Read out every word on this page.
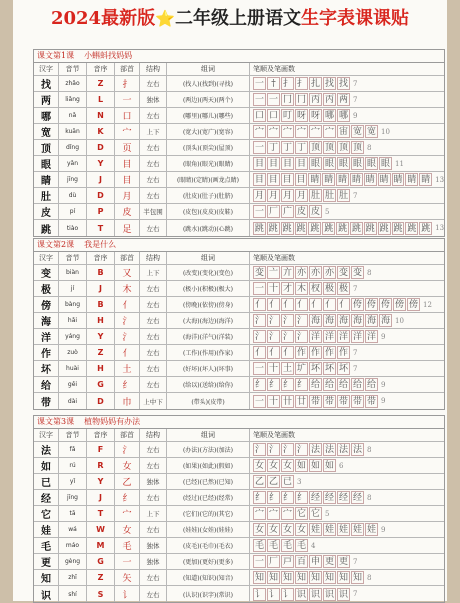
2024最新版⭐二年级上册语文生字表课课贴
课文第1课 小蝌蚪找妈妈
汉字	音节	音序	部首	结构	组词	笔顺及笔画数
找	zhǎo	Z	扌	左右	(找人)(找到)(寻找)	一 † 扌 扌 扎 找 找 7
两	liǎng	L	一	独体	(两边)(两天)(两个)	一 一 冂 冂 丙 丙 两 7
哪	nǎ	N	口	左右	(哪里)(哪儿)(哪些)	口 口 叮 呀 呀 哪 哪 9
宽	kuān	K	宀	上下	(宽大)(宽广)(宽容)	宀 宀 宀 宀 宀 宀 宙 宽 宽 10
顶	dǐng	D	页	左右	(顶头)(顶尖)(屋顶)	一 丁 丁 丁 顶 顶 顶 顶 8
眼	yǎn	Y	目	左右	(眼角)(眼光)(眼睛)	目 目 目 目 眼 眼 眼 眼 眼 眼 11
睛	jīng	J	目	左右	(眼睛)(定睛)(画龙点睛)	目 目 目 目 睛 睛 睛 睛 睛 睛 睛 睛 睛 13
肚	dù	D	月	左右	(肚皮)(肚子)(肚脐)	月 月 月 月 肚 肚 肚 7
皮	pí	P	皮	半包围	(皮包)(皮皮)(皮鞋)	一 厂 广 皮 皮 5
跳	tiào	T	足	左右	(跳水)(跳动)(心跳)	跳 跳 跳 跳 跳 跳 跳 跳 跳 跳 跳 跳 跳 13
课文第2课 我是什么
汉字	音节	音序	部首	结构	组词	笔顺及笔画数
变	biàn	B	又	上下	(改变)(变化)(变色)	变 亠 亣 亦 亦 亦 变 变 8
极	jí	J	木	左右	(极小)(积极)(极大)	一 十 才 木 杈 极 极 7
傍	bàng	B	亻	左右	(傍晚)(依傍)(傍身)	亻 亻 亻 亻 亻 亻 亻 侉 侉 侉 傍 傍 12
海	hǎi	H	氵	左右	(大海)(海边)(海洋)	氵 氵 氵 氵 海 海 海 海 海 海 10
洋	yáng	Y	氵	左右	(海洋)(洋气)(洋装)	氵 氵 氵 氵 洋 洋 洋 洋 洋 9
作	zuò	Z	亻	左右	(工作)(作用)(作家)	亻 亻 亻 作 作 作 作 7
坏	huài	H	土	左右	(好坏)(坏人)(坏事)	一 十 土 圹 坏 坏 坏 7
给	gěi	G	纟	左右	(给以)(送给)(给你)	纟 纟 纟 纟 给 给 给 给 给 9
带	dài	D	巾	上中下	(带头)(皮带)	一 十 卄 廿 带 带 带 带 带 9
课文第3课 植物妈妈有办法
汉字	音节	音序	部首	结构	组词	笔顺及笔画数
法	fǎ	F	氵	左右	(办法)(方法)(加法)	氵 氵 氵 氵 法 法 法 法 8
如	rú	R	女	左右	(如果)(如此)(假如)	女 女 女 如 如 如 6
已	yǐ	Y	乙	独体	(已经)(已然)(已知)	乙 乙 已 3
经	jīng	J	纟	左右	(经过)(已经)(经常)	纟 纟 纟 纟 经 经 经 经 8
它	tā	T	宀	上下	(它们)(它的)(其它)	宀 宀 宀 它 它 5
娃	wá	W	女	左右	(娃娃)(女娃)(娃娃)	女 女 女 女 娃 娃 娃 娃 娃 9
毛	máo	M	毛	独体	(皮毛)(毛巾)(毛衣)	毛 毛 毛 毛 4
更	gèng	G	一	独体	(更加)(更好)(更多)	一 厂 戸 百 申 更 更 7
知	zhī	Z	矢	左右	(知道)(知识)(知音)	知 知 知 知 知 知 知 知 8
识	shí	S	讠	左右	(认识)(识字)(常识)	讠 讠 讠 识 识 识 识 7
